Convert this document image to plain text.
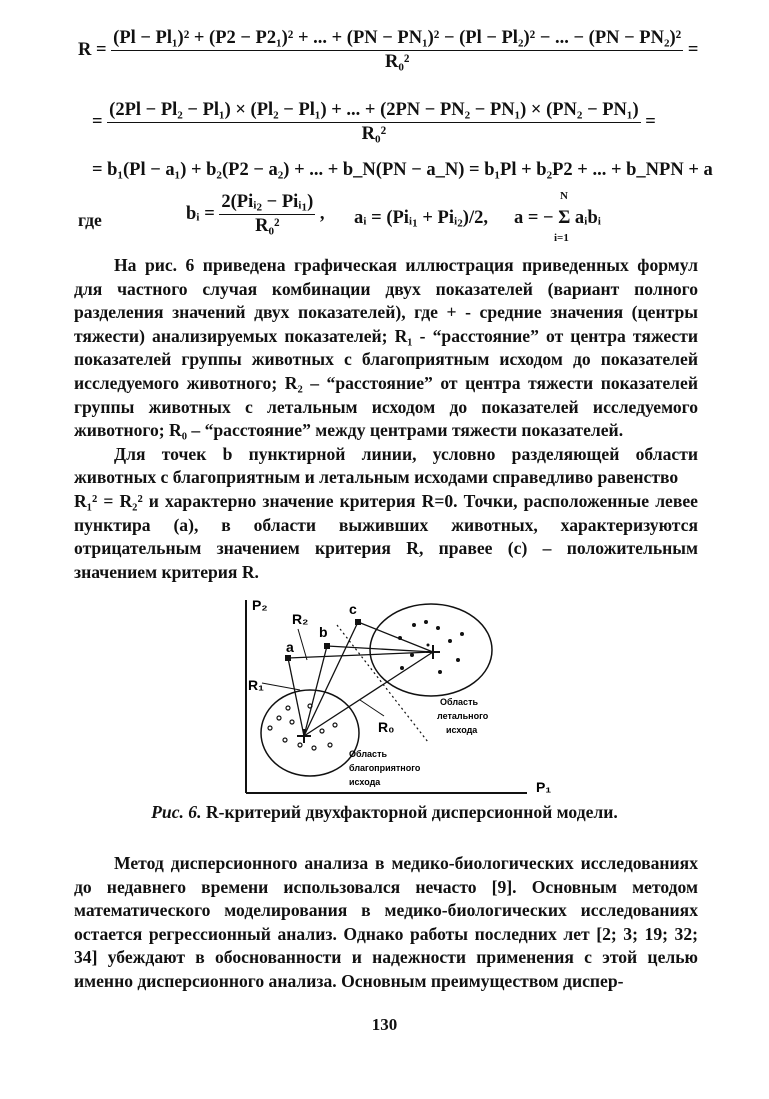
R =
(Pl − Pl₁)² + (P2 − P2₁)² + ... + (PN − PN₁)² − (Pl − Pl₂)² − ... − (PN − PN₂)²
R₀²
=
=
(2Pl − Pl₂ − Pl₁) × (Pl₂ − Pl₁) + ... + (2PN − PN₂ − PN₁) × (PN₂ − PN₁)
R₀²
=
= b₁(Pl − a₁) + b₂(P2 − a₂) + ... + b_N(PN − a_N) = b₁Pl + b₂P2 + ... + b_NPN + a
где	bᵢ = $\frac{\text{2(Piᵢ₂ − Piᵢ₁)}}{\text{R₀²}}$ , aᵢ = (Piᵢ₁ + Piᵢ₂)/2, a = − Σ aᵢbᵢ
N
i=1

На рис. 6 приведена графическая иллюстрация приведенных формул для частного случая комбинации двух показателей (вариант полного разделения значений двух показателей), где + - средние значения (центры тяжести) анализируемых показателей; R₁ - “расстояние” от центра тяжести показателей группы животных с благоприятным исходом до показателей исследуемого животного; R₂ – “расстояние” от центра тяжести показателей группы животных с летальным исходом до показателей исследуемого животного; R₀ – “расстояние” между центрами тяжести показателей.

Для точек b пунктирной линии, условно разделяющей области животных с благоприятным и летальным исходами справедливо равенство

R₁² = R₂² и характерно значение критерия R=0. Точки, расположенные левее пунктира (a), в области выживших животных, характеризуются отрицательным значением критерия R, правее (c) – положительным значением критерия R.

P₂
P₁
a
b
c
R₂
R₁
R₀
Область
летального
исхода
Область
благоприятного
исхода
Рис. 6. R-критерий двухфакторной дисперсионной модели.

Метод дисперсионного анализа в медико-биологических исследованиях до недавнего времени использовался нечасто [9]. Основным методом математического моделирования в медико-биологических исследованиях остается регрессионный анализ. Однако работы последних лет [2; 3; 19; 32; 34] убеждают в обоснованности и надежности применения с этой целью именно дисперсионного анализа. Основным преимуществом диспер-

130
